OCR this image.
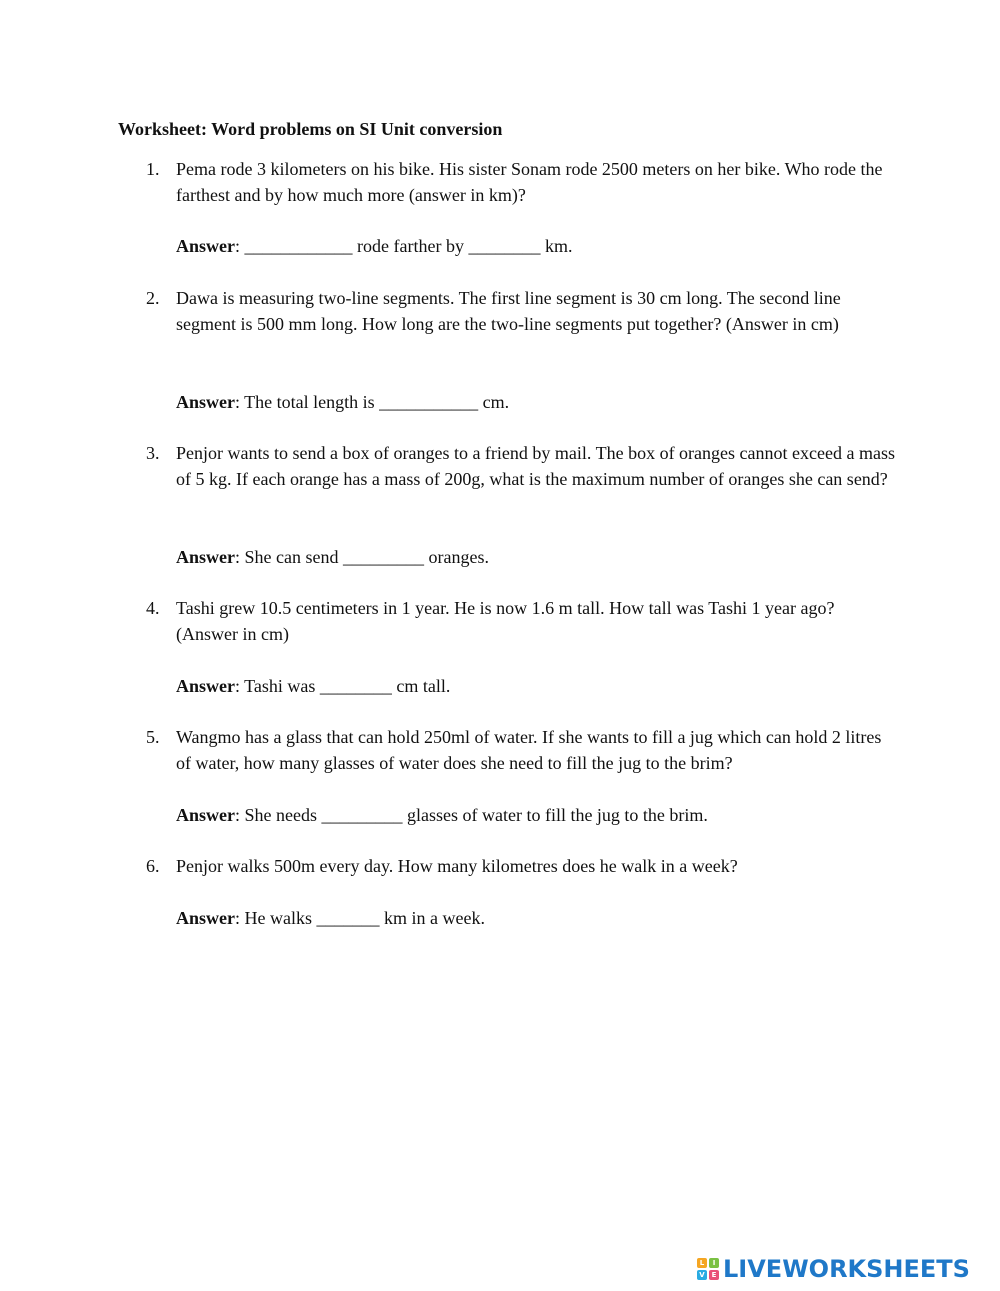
Worksheet: Word problems on SI Unit conversion
1. Pema rode 3 kilometers on his bike. His sister Sonam rode 2500 meters on her bike. Who rode the farthest and by how much more (answer in km)?
Answer: ____________ rode farther by ________ km.
2. Dawa is measuring two-line segments. The first line segment is 30 cm long. The second line segment is 500 mm long. How long are the two-line segments put together? (Answer in cm)
Answer: The total length is ___________ cm.
3. Penjor wants to send a box of oranges to a friend by mail. The box of oranges cannot exceed a mass of 5 kg. If each orange has a mass of 200g, what is the maximum number of oranges she can send?
Answer: She can send _________ oranges.
4. Tashi grew 10.5 centimeters in 1 year. He is now 1.6 m tall. How tall was Tashi 1 year ago? (Answer in cm)
Answer: Tashi was ________ cm tall.
5. Wangmo has a glass that can hold 250ml of water. If she wants to fill a jug which can hold 2 litres of water, how many glasses of water does she need to fill the jug to the brim?
Answer: She needs _________ glasses of water to fill the jug to the brim.
6. Penjor walks 500m every day. How many kilometres does he walk in a week?
Answer: He walks _______ km in a week.
L	I
V E LIVEWORKSHEETS
